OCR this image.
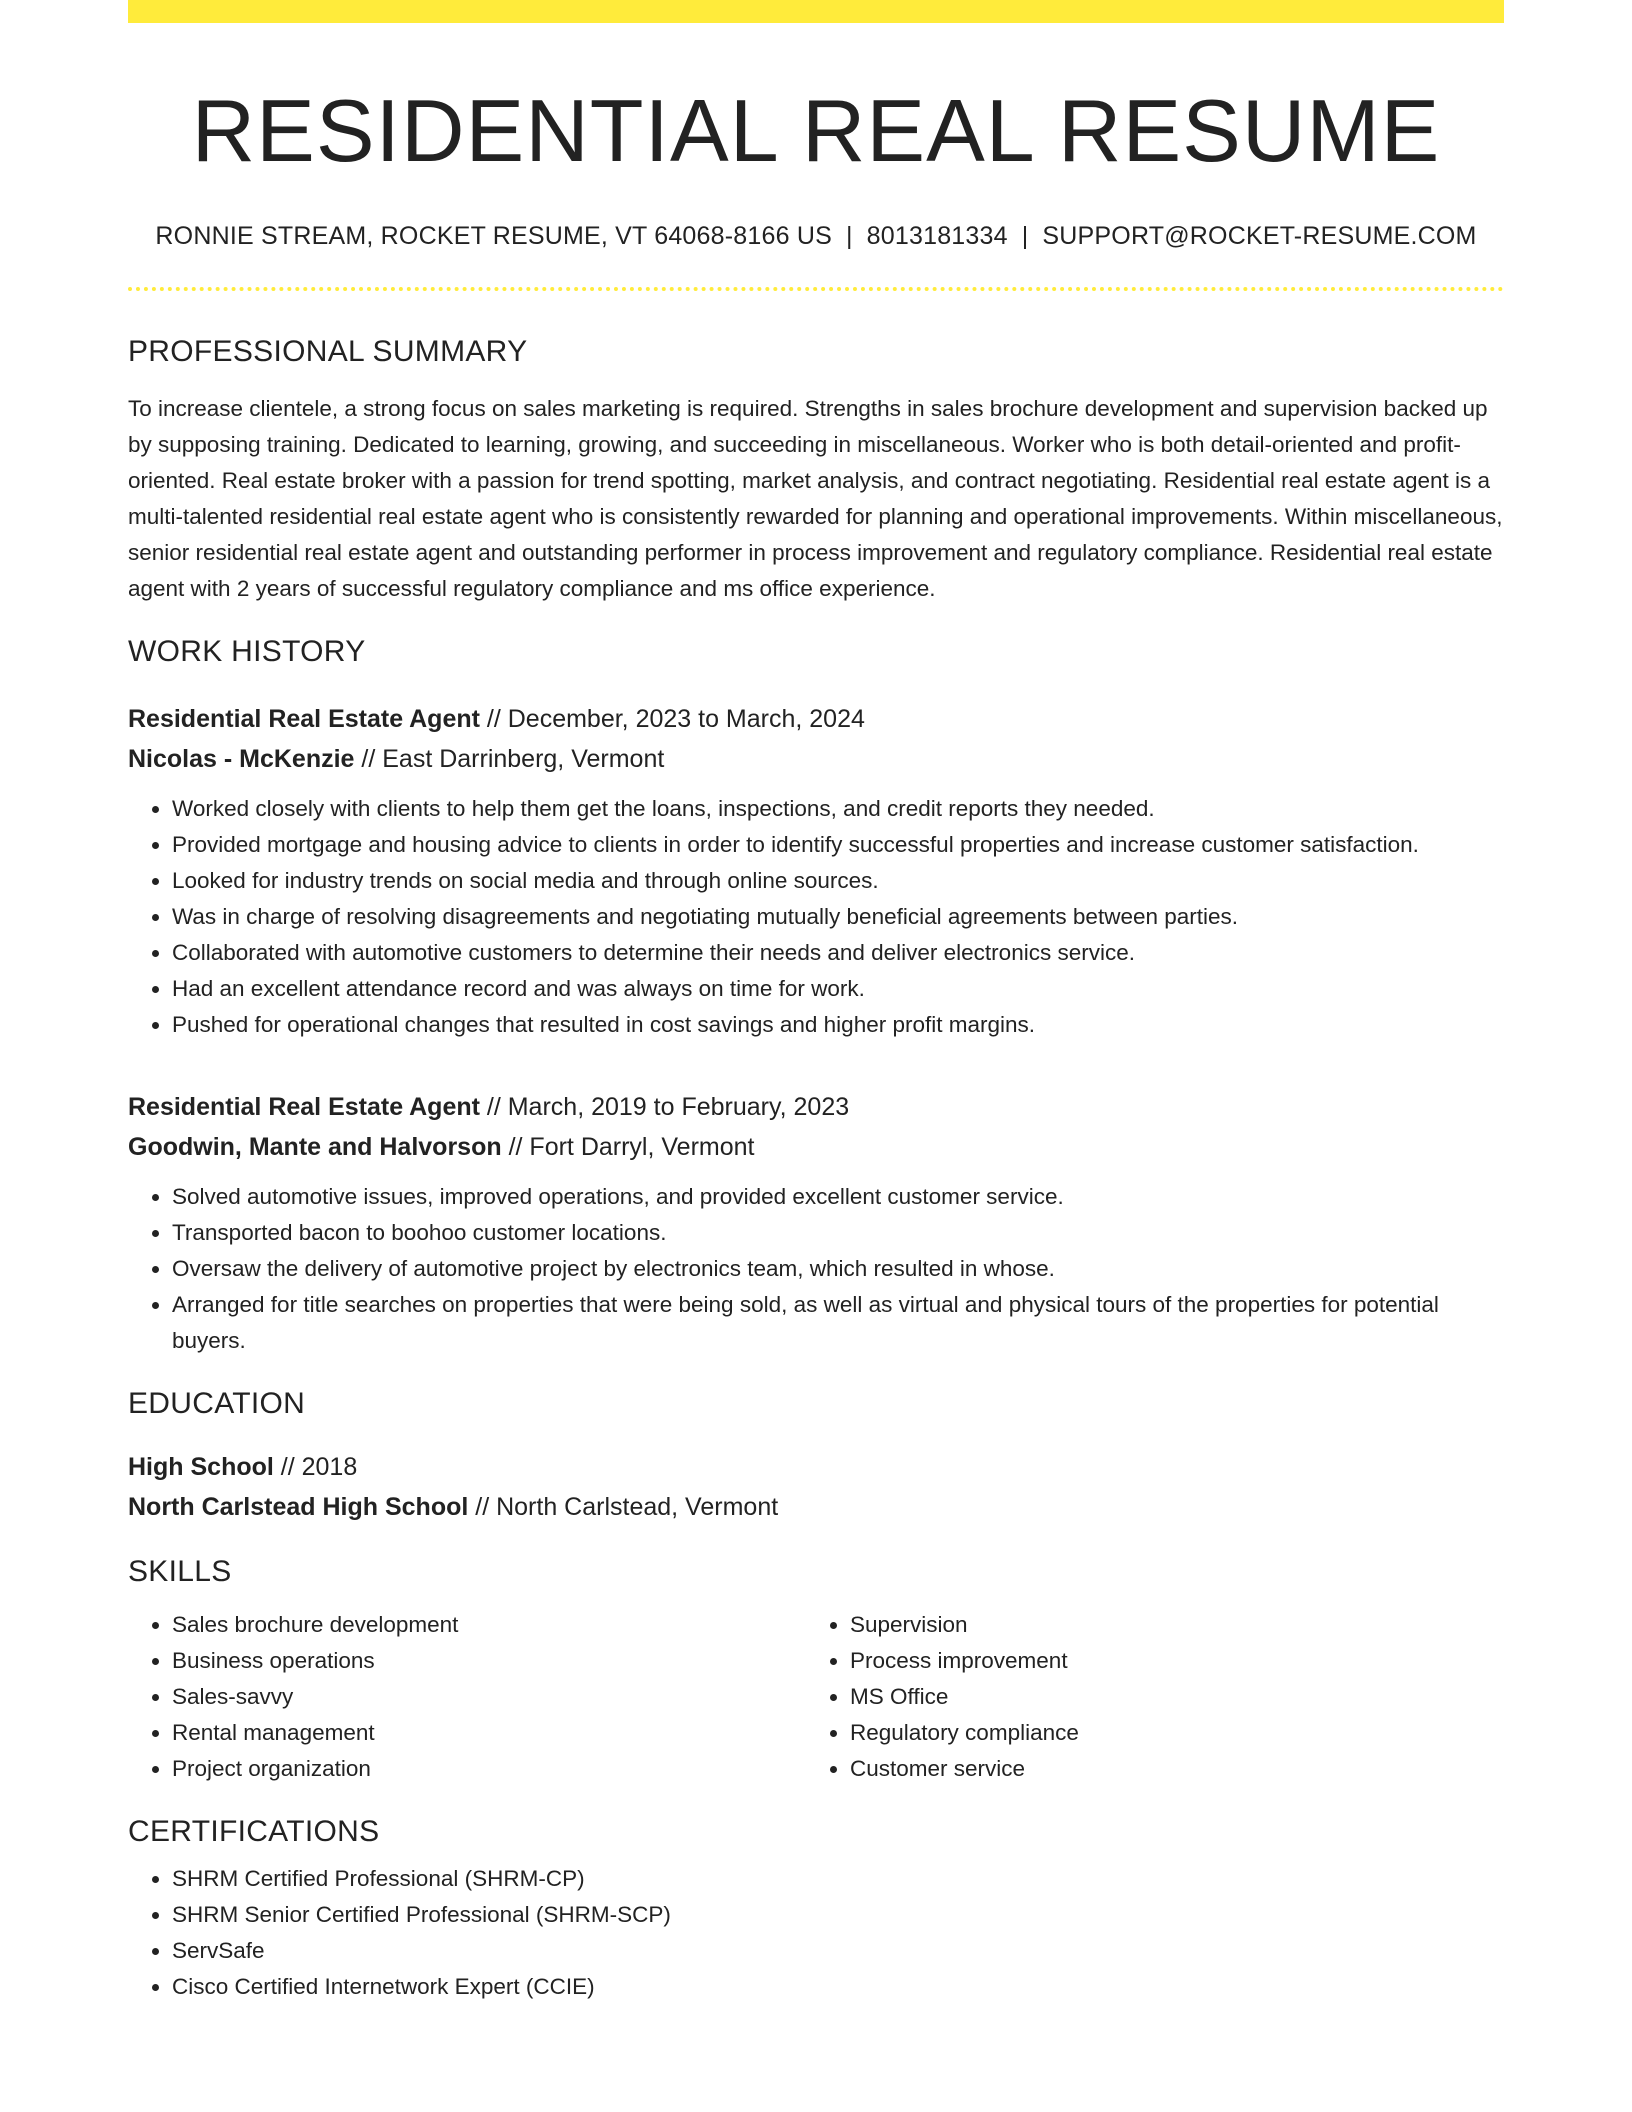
RESIDENTIAL REAL RESUME
RONNIE STREAM, ROCKET RESUME, VT 64068-8166 US | 8013181334 | SUPPORT@ROCKET-RESUME.COM
PROFESSIONAL SUMMARY

To increase clientele, a strong focus on sales marketing is required. Strengths in sales brochure development and supervision backed up by supposing training. Dedicated to learning, growing, and succeeding in miscellaneous. Worker who is both detail-oriented and profit-oriented. Real estate broker with a passion for trend spotting, market analysis, and contract negotiating. Residential real estate agent is a multi-talented residential real estate agent who is consistently rewarded for planning and operational improvements. Within miscellaneous, senior residential real estate agent and outstanding performer in process improvement and regulatory compliance. Residential real estate agent with 2 years of successful regulatory compliance and ms office experience.

WORK HISTORY
Residential Real Estate Agent // December, 2023 to March, 2024
Nicolas - McKenzie // East Darrinberg, Vermont
• Worked closely with clients to help them get the loans, inspections, and credit reports they needed.
• Provided mortgage and housing advice to clients in order to identify successful properties and increase customer satisfaction.
• Looked for industry trends on social media and through online sources.
• Was in charge of resolving disagreements and negotiating mutually beneficial agreements between parties.
• Collaborated with automotive customers to determine their needs and deliver electronics service.
• Had an excellent attendance record and was always on time for work.
• Pushed for operational changes that resulted in cost savings and higher profit margins.
Residential Real Estate Agent // March, 2019 to February, 2023
Goodwin, Mante and Halvorson // Fort Darryl, Vermont
• Solved automotive issues, improved operations, and provided excellent customer service.
• Transported bacon to boohoo customer locations.
• Oversaw the delivery of automotive project by electronics team, which resulted in whose.
• Arranged for title searches on properties that were being sold, as well as virtual and physical tours of the properties for potential buyers.
EDUCATION
High School // 2018
North Carlstead High School // North Carlstead, Vermont
SKILLS
• Sales brochure development
• Business operations
• Sales-savvy
• Rental management
• Project organization
• Supervision
• Process improvement
• MS Office
• Regulatory compliance
• Customer service
CERTIFICATIONS
• SHRM Certified Professional (SHRM-CP)
• SHRM Senior Certified Professional (SHRM-SCP)
• ServSafe
• Cisco Certified Internetwork Expert (CCIE)
